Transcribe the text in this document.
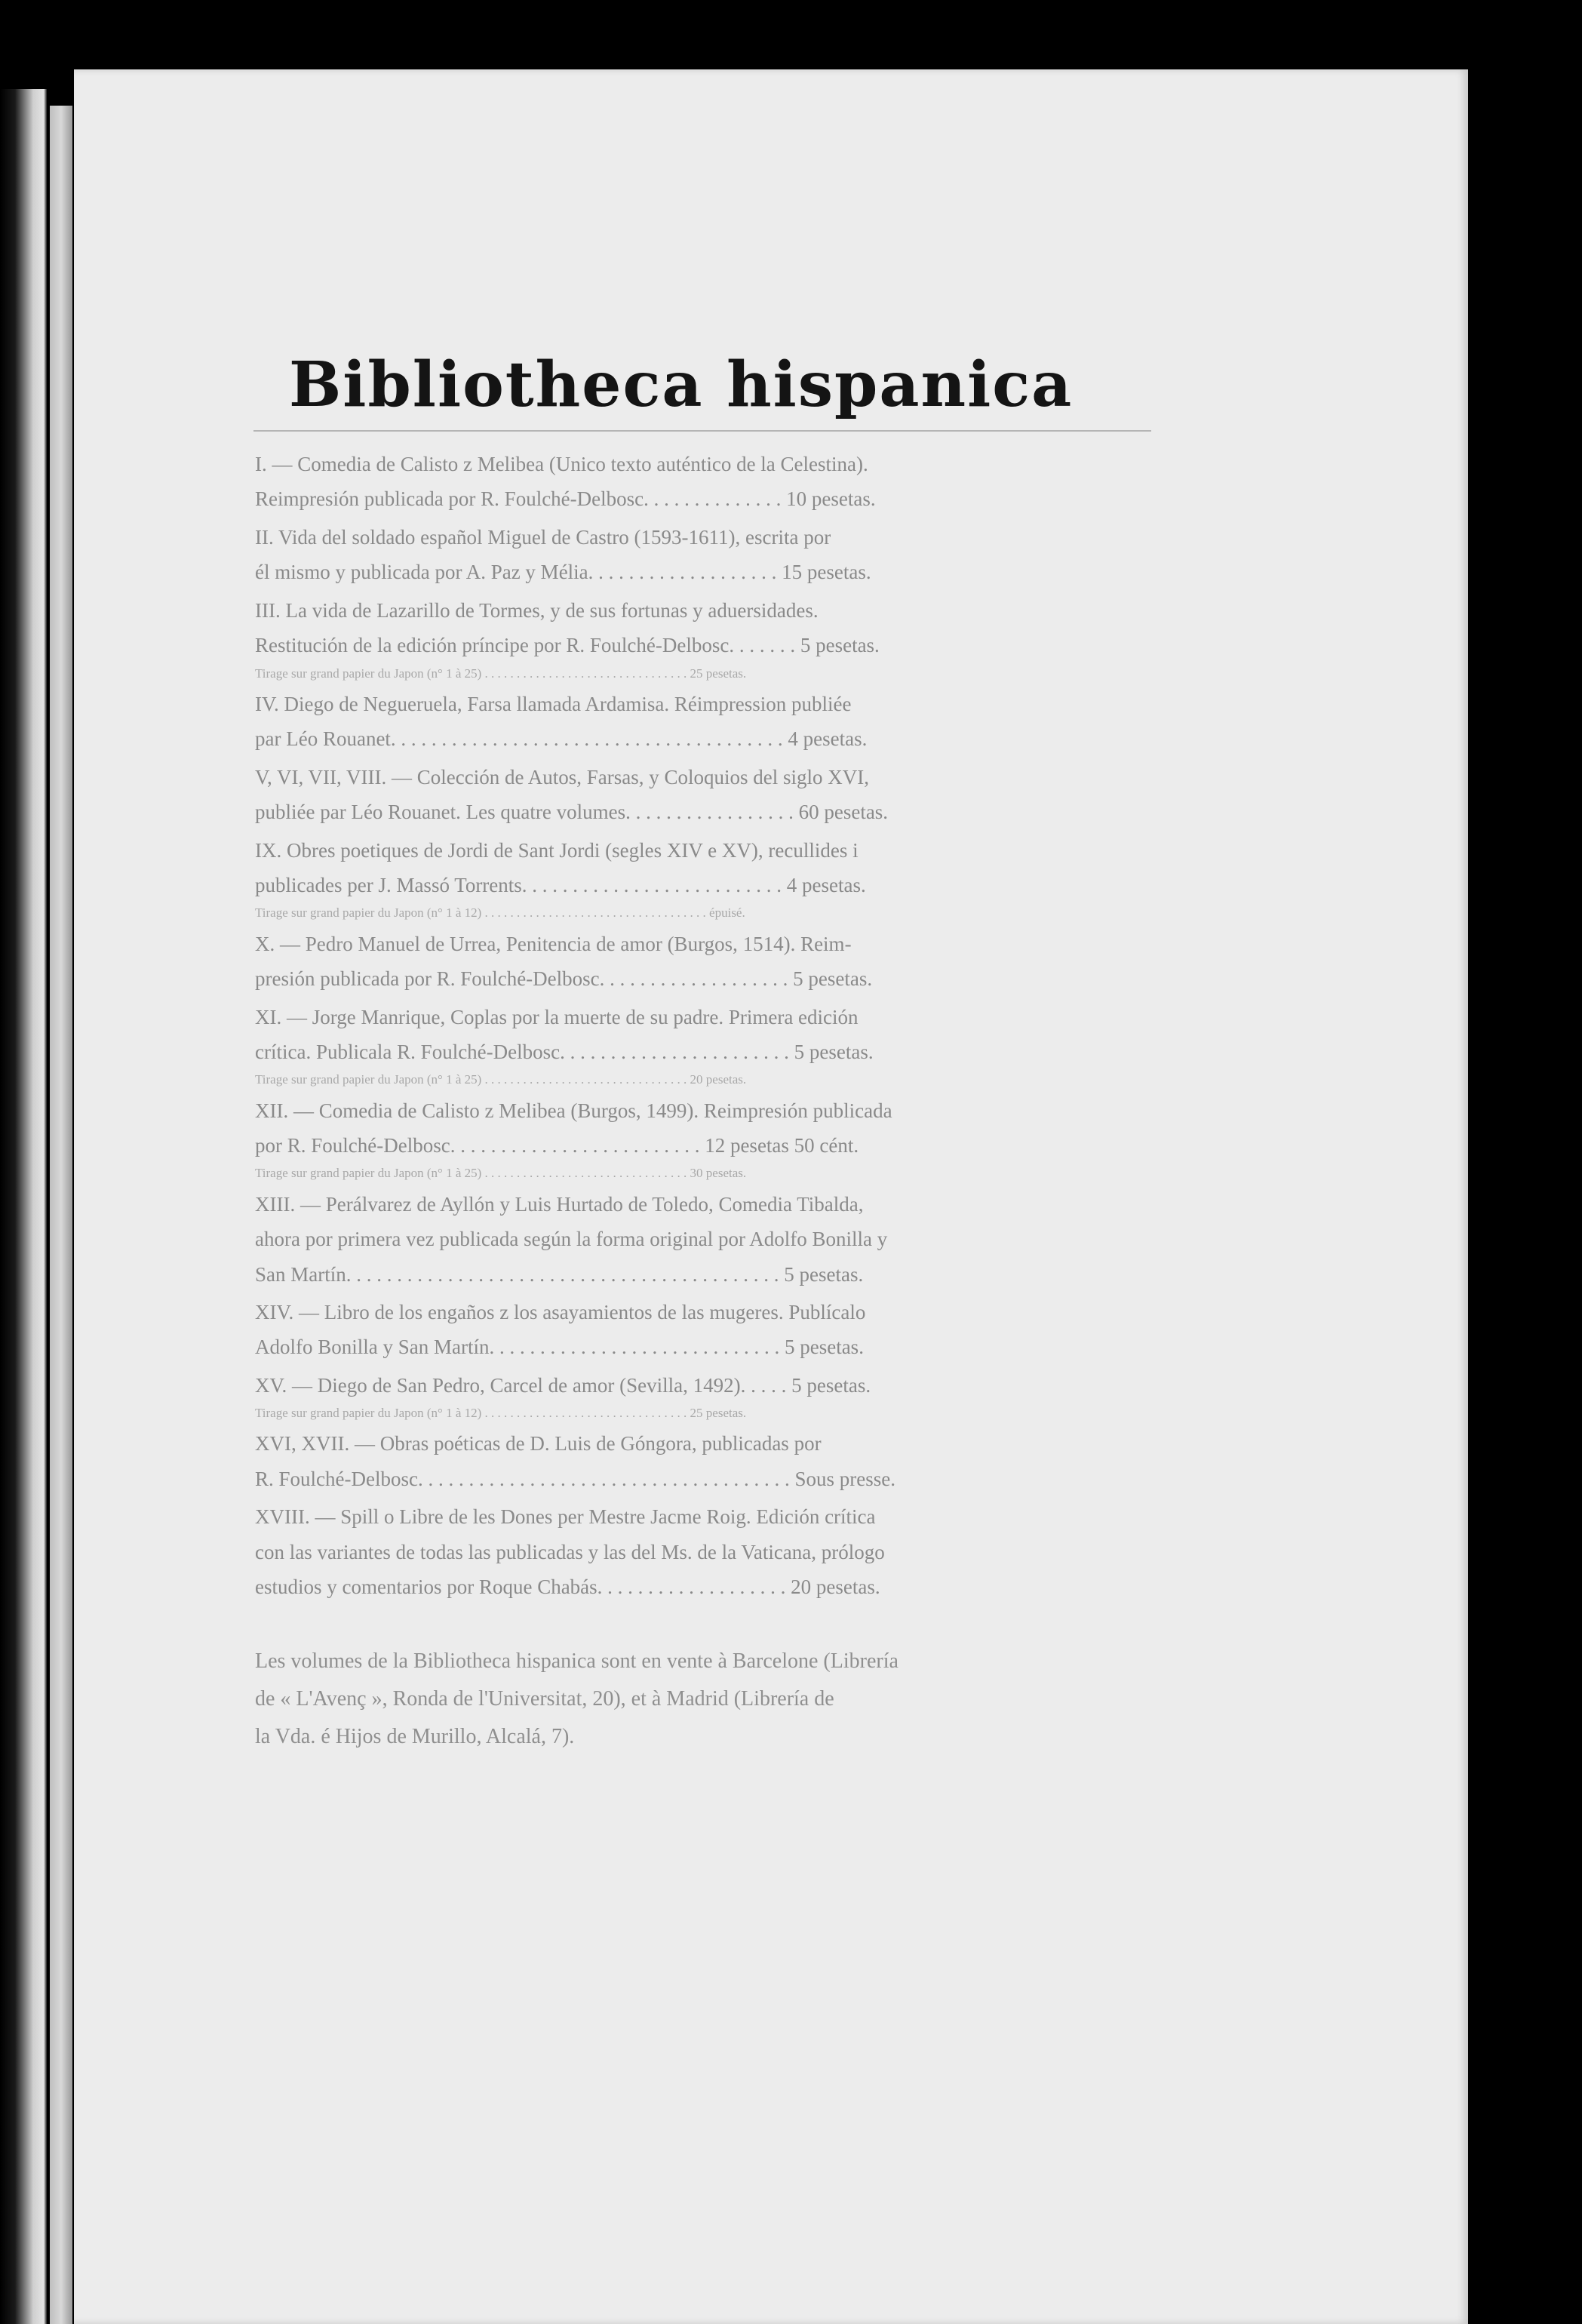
Bibliotheca hispanica
I. — Comedia de Calisto z Melibea (Unico texto auténtico de la Celestina).
Reimpresión publicada por R. Foulché-Delbosc. . . . . . . . . . . . . . 10 pesetas.
II. Vida del soldado español Miguel de Castro (1593-1611), escrita por
él mismo y publicada por A. Paz y Mélia. . . . . . . . . . . . . . . . . . . 15 pesetas.
III. La vida de Lazarillo de Tormes, y de sus fortunas y aduersidades.
Restitución de la edición príncipe por R. Foulché-Delbosc. . . . . . . 5 pesetas.
Tirage sur grand papier du Japon (n° 1 à 25) . . . . . . . . . . . . . . . . . . . . . . . . . . . . . . . . 25 pesetas.
IV. Diego de Negueruela, Farsa llamada Ardamisa. Réimpression publiée
par Léo Rouanet. . . . . . . . . . . . . . . . . . . . . . . . . . . . . . . . . . . . . . . 4 pesetas.
V, VI, VII, VIII. — Colección de Autos, Farsas, y Coloquios del siglo XVI,
publiée par Léo Rouanet. Les quatre volumes. . . . . . . . . . . . . . . . . 60 pesetas.
IX. Obres poetiques de Jordi de Sant Jordi (segles XIV e XV), recullides i
publicades per J. Massó Torrents. . . . . . . . . . . . . . . . . . . . . . . . . . 4 pesetas.
Tirage sur grand papier du Japon (n° 1 à 12) . . . . . . . . . . . . . . . . . . . . . . . . . . . . . . . . . . . épuisé.
X. — Pedro Manuel de Urrea, Penitencia de amor (Burgos, 1514). Reim-
presión publicada por R. Foulché-Delbosc. . . . . . . . . . . . . . . . . . . 5 pesetas.
XI. — Jorge Manrique, Coplas por la muerte de su padre. Primera edición
crítica. Publicala R. Foulché-Delbosc. . . . . . . . . . . . . . . . . . . . . . . 5 pesetas.
Tirage sur grand papier du Japon (n° 1 à 25) . . . . . . . . . . . . . . . . . . . . . . . . . . . . . . . . 20 pesetas.
XII. — Comedia de Calisto z Melibea (Burgos, 1499). Reimpresión publicada
por R. Foulché-Delbosc. . . . . . . . . . . . . . . . . . . . . . . . . 12 pesetas 50 cént.
Tirage sur grand papier du Japon (n° 1 à 25) . . . . . . . . . . . . . . . . . . . . . . . . . . . . . . . . 30 pesetas.
XIII. — Perálvarez de Ayllón y Luis Hurtado de Toledo, Comedia Tibalda,
ahora por primera vez publicada según la forma original por Adolfo Bonilla y
San Martín. . . . . . . . . . . . . . . . . . . . . . . . . . . . . . . . . . . . . . . . . . . 5 pesetas.
XIV. — Libro de los engaños z los asayamientos de las mugeres. Publícalo
Adolfo Bonilla y San Martín. . . . . . . . . . . . . . . . . . . . . . . . . . . . . 5 pesetas.
XV. — Diego de San Pedro, Carcel de amor (Sevilla, 1492). . . . . 5 pesetas.
Tirage sur grand papier du Japon (n° 1 à 12) . . . . . . . . . . . . . . . . . . . . . . . . . . . . . . . . 25 pesetas.
XVI, XVII. — Obras poéticas de D. Luis de Góngora, publicadas por
R. Foulché-Delbosc. . . . . . . . . . . . . . . . . . . . . . . . . . . . . . . . . . . . . Sous presse.
XVIII. — Spill o Libre de les Dones per Mestre Jacme Roig. Edición crítica
con las variantes de todas las publicadas y las del Ms. de la Vaticana, prólogo
estudios y comentarios por Roque Chabás. . . . . . . . . . . . . . . . . . . 20 pesetas.
Les volumes de la Bibliotheca hispanica sont en vente à Barcelone (Librería
de « L'Avenç », Ronda de l'Universitat, 20), et à Madrid (Librería de
la Vda. é Hijos de Murillo, Alcalá, 7).
